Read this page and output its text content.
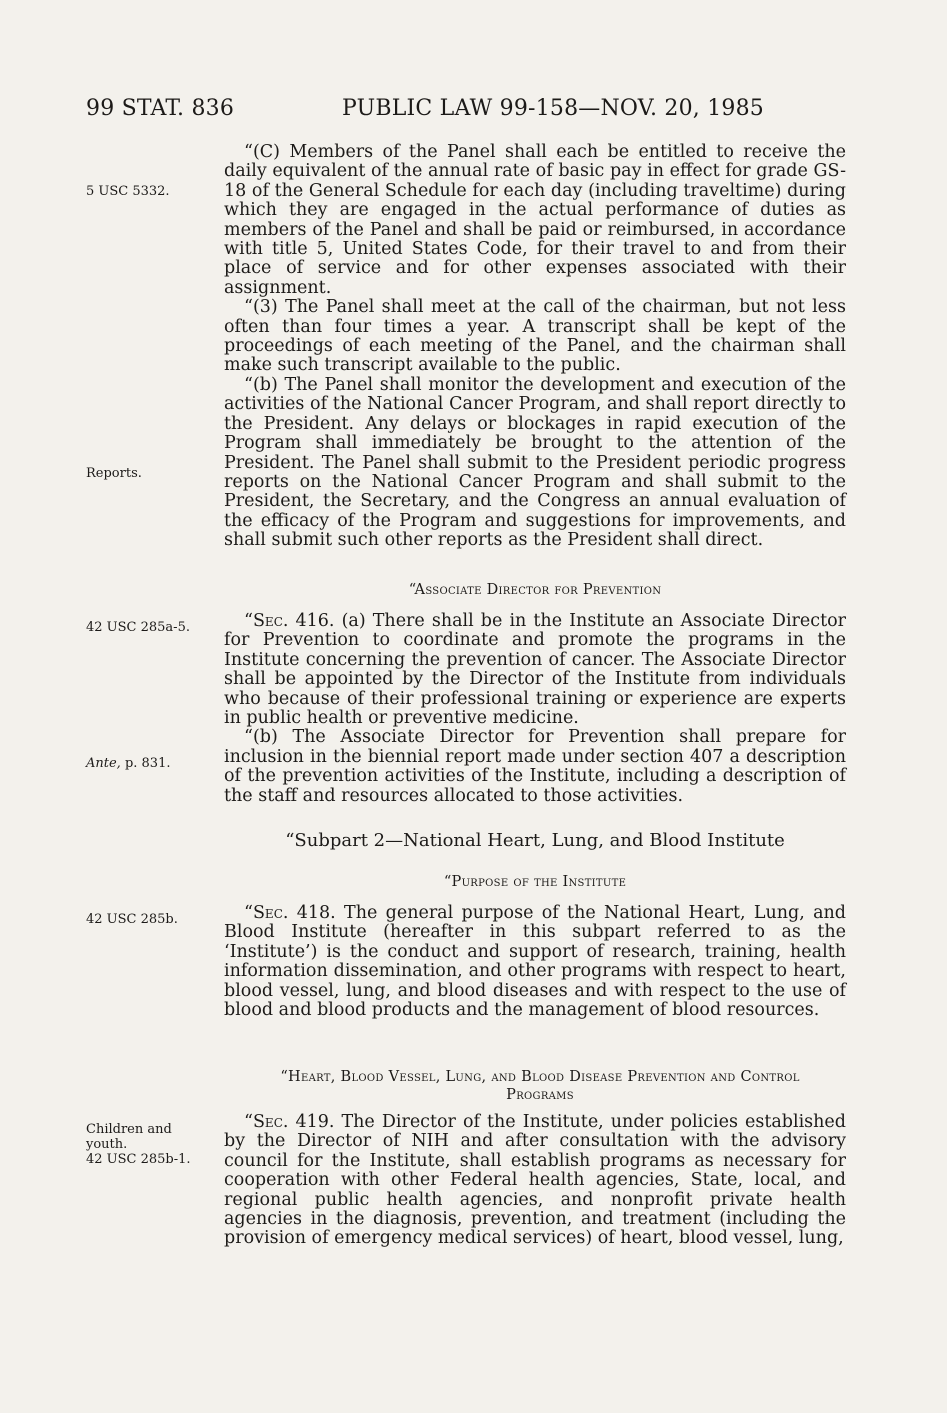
99 STAT. 836	PUBLIC LAW 99-158—NOV. 20, 1985
5 USC 5332.
Reports.
42 USC 285a-5.
Ante, p. 831.
42 USC 285b.
Children and
youth.
42 USC 285b-1.

“(C) Members of the Panel shall each be entitled to receive the daily equivalent of the annual rate of basic pay in effect for grade GS-18 of the General Schedule for each day (including traveltime) during which they are engaged in the actual performance of duties as members of the Panel and shall be paid or reimbursed, in accordance with title 5, United States Code, for their travel to and from their place of service and for other expenses associated with their assignment.

“(3) The Panel shall meet at the call of the chairman, but not less often than four times a year. A transcript shall be kept of the proceedings of each meeting of the Panel, and the chairman shall make such transcript available to the public.

“(b) The Panel shall monitor the development and execution of the activities of the National Cancer Program, and shall report directly to the President. Any delays or blockages in rapid execution of the Program shall immediately be brought to the attention of the President. The Panel shall submit to the President periodic progress reports on the National Cancer Program and shall submit to the President, the Secretary, and the Congress an annual evaluation of the efficacy of the Program and suggestions for improvements, and shall submit such other reports as the President shall direct.

“Associate Director for Prevention

“Sec. 416. (a) There shall be in the Institute an Associate Director for Prevention to coordinate and promote the programs in the Institute concerning the prevention of cancer. The Associate Director shall be appointed by the Director of the Institute from individuals who because of their professional training or experience are experts in public health or preventive medicine.

“(b) The Associate Director for Prevention shall prepare for inclusion in the biennial report made under section 407 a description of the prevention activities of the Institute, including a description of the staff and resources allocated to those activities.

“Subpart 2—National Heart, Lung, and Blood Institute
“Purpose of the Institute

“Sec. 418. The general purpose of the National Heart, Lung, and Blood Institute (hereafter in this subpart referred to as the ‘Institute’) is the conduct and support of research, training, health information dissemination, and other programs with respect to heart, blood vessel, lung, and blood diseases and with respect to the use of blood and blood products and the management of blood resources.

“Heart, Blood Vessel, Lung, and Blood Disease Prevention and Control Programs

“Sec. 419. The Director of the Institute, under policies established by the Director of NIH and after consultation with the advisory council for the Institute, shall establish programs as necessary for cooperation with other Federal health agencies, State, local, and regional public health agencies, and nonprofit private health agencies in the diagnosis, prevention, and treatment (including the provision of emergency medical services) of heart, blood vessel, lung,
